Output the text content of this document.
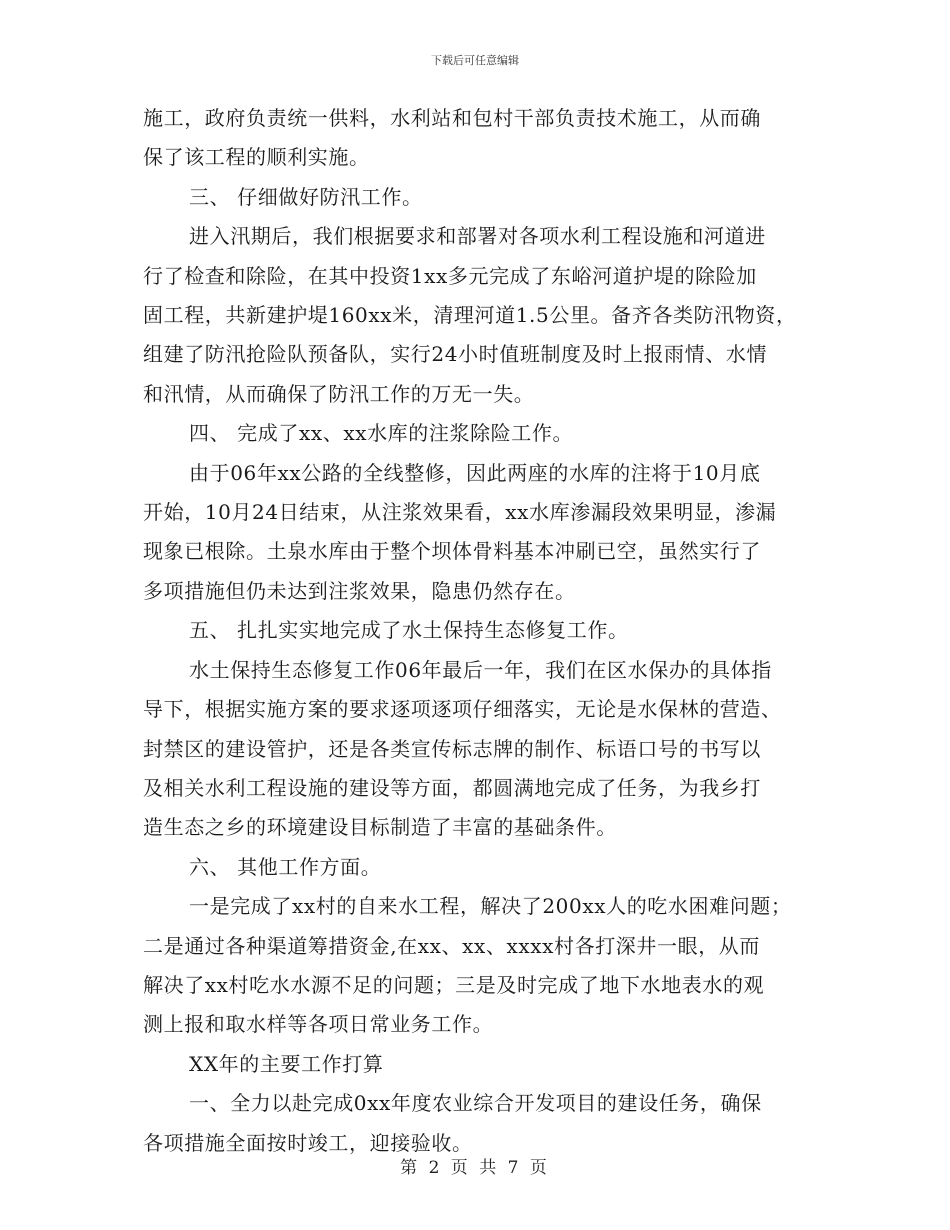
下载后可任意编辑

施工，政府负责统一供料，水利站和包村干部负责技术施工，从而确

保了该工程的顺利实施。

三、 仔细做好防汛工作。

进入汛期后，我们根据要求和部署对各项水利工程设施和河道进

行了检查和除险，在其中投资1xx多元完成了东峪河道护堤的除险加

固工程，共新建护堤160xx米，清理河道1.5公里。备齐各类防汛物资，

组建了防汛抢险队预备队，实行24小时值班制度及时上报雨情、水情

和汛情，从而确保了防汛工作的万无一失。

四、 完成了xx、xx水库的注浆除险工作。

由于06年xx公路的全线整修，因此两座的水库的注将于10月底

开始，10月24日结束，从注浆效果看，xx水库渗漏段效果明显，渗漏

现象已根除。土泉水库由于整个坝体骨料基本冲刷已空，虽然实行了

多项措施但仍未达到注浆效果，隐患仍然存在。

五、 扎扎实实地完成了水土保持生态修复工作。

水土保持生态修复工作06年最后一年，我们在区水保办的具体指

导下，根据实施方案的要求逐项逐项仔细落实，无论是水保林的营造、

封禁区的建设管护，还是各类宣传标志牌的制作、标语口号的书写以

及相关水利工程设施的建设等方面，都圆满地完成了任务，为我乡打

造生态之乡的环境建设目标制造了丰富的基础条件。

六、 其他工作方面。

一是完成了xx村的自来水工程，解决了200xx人的吃水困难问题；

二是通过各种渠道筹措资金,在xx、xx、xxxx村各打深井一眼，从而

解决了xx村吃水水源不足的问题；三是及时完成了地下水地表水的观

测上报和取水样等各项日常业务工作。

XX年的主要工作打算

一、全力以赴完成0xx年度农业综合开发项目的建设任务，确保

各项措施全面按时竣工，迎接验收。

第 2 页 共 7 页
